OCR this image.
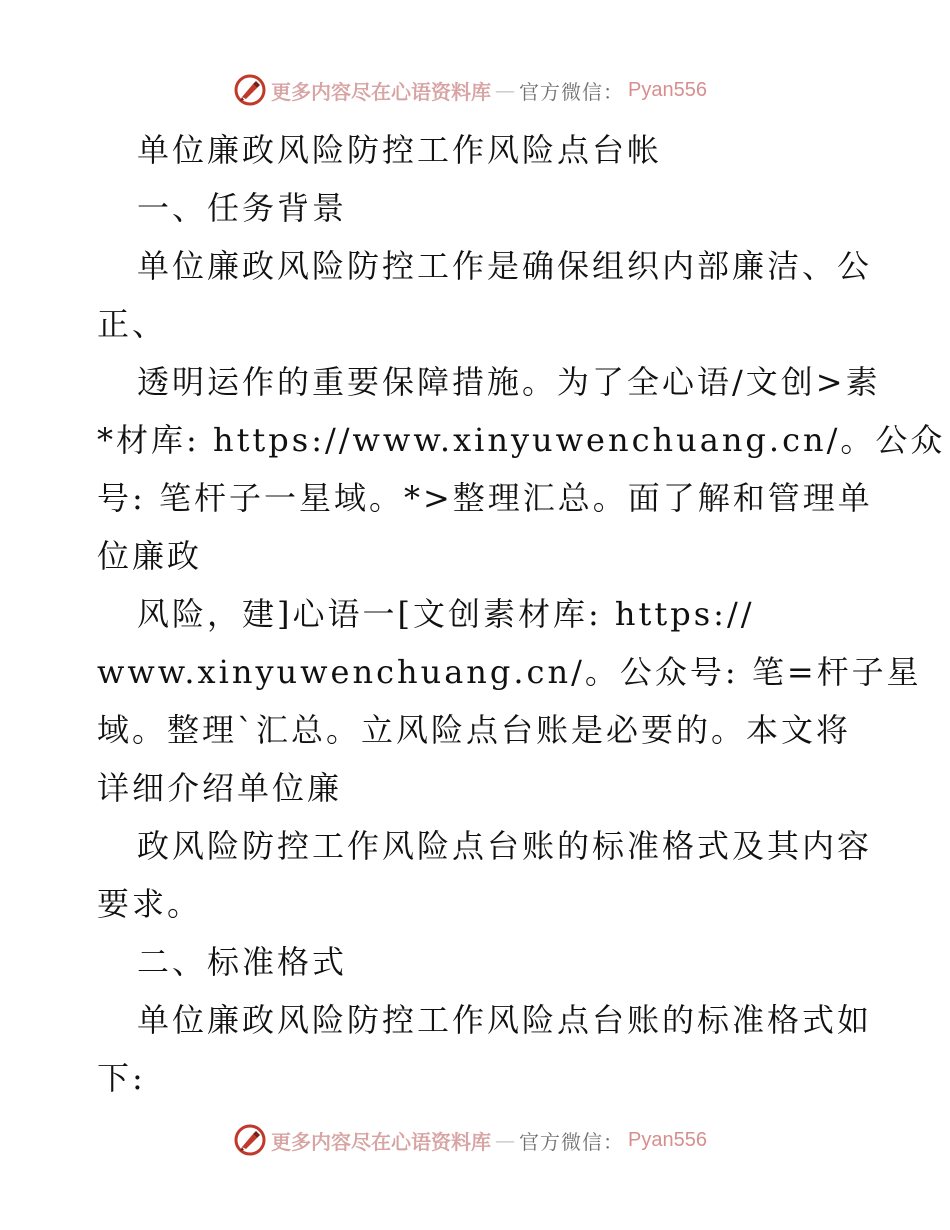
更多内容尽在心语资料库 — 官方微信： Pyan556
单位廉政风险防控工作风险点台帐
一、任务背景
单位廉政风险防控工作是确保组织内部廉洁、公
正、
透明运作的重要保障措施。为了全心语/文创>素
*材库: https://www.xinyuwenchuang.cn/。公众
号: 笔杆子一星域。*>整理汇总。面了解和管理单
位廉政
风险，建]心语一[文创素材库: https://
www.xinyuwenchuang.cn/。公众号: 笔=杆子星
域。整理`汇总。立风险点台账是必要的。本文将
详细介绍单位廉
政风险防控工作风险点台账的标准格式及其内容
要求。
二、标准格式
单位廉政风险防控工作风险点台账的标准格式如
下:
更多内容尽在心语资料库 — 官方微信： Pyan556
